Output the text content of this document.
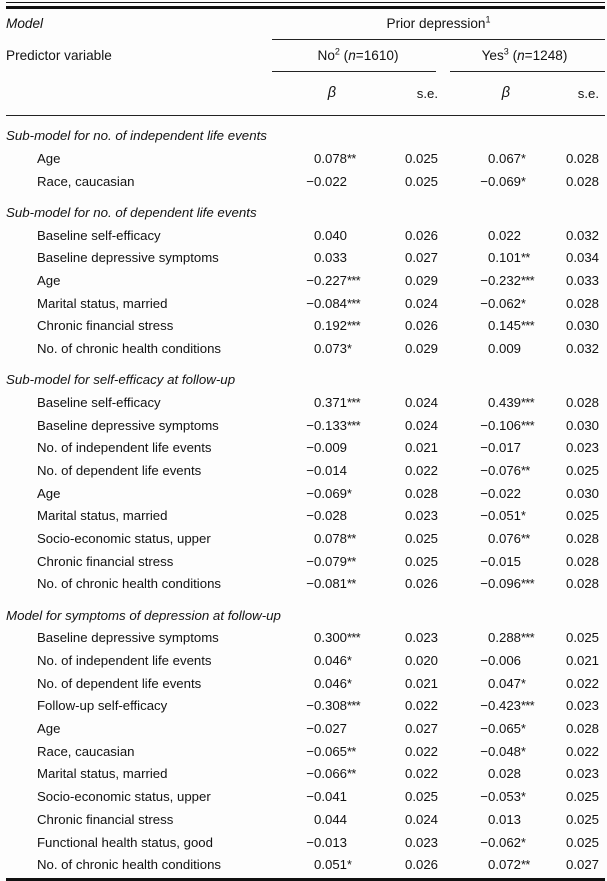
Model	Prior depression$^1$
Predictor variable	No$^2$ (n=1610)	Yes$^3$ (n=1248)
β	s.e.	β	s.e.
Sub-model for no. of independent life events
Age	0.078**	0.025	0.067*	0.028
Race, caucasian	−0.022	0.025	−0.069*	0.028
Sub-model for no. of dependent life events
Baseline self-efficacy	0.040	0.026	0.022	0.032
Baseline depressive symptoms	0.033	0.027	0.101**	0.034
Age	−0.227***	0.029	−0.232***	0.033
Marital status, married	−0.084***	0.024	−0.062*	0.028
Chronic financial stress	0.192***	0.026	0.145***	0.030
No. of chronic health conditions	0.073*	0.029	0.009	0.032
Sub-model for self-efficacy at follow-up
Baseline self-efficacy	0.371***	0.024	0.439***	0.028
Baseline depressive symptoms	−0.133***	0.024	−0.106***	0.030
No. of independent life events	−0.009	0.021	−0.017	0.023
No. of dependent life events	−0.014	0.022	−0.076**	0.025
Age	−0.069*	0.028	−0.022	0.030
Marital status, married	−0.028	0.023	−0.051*	0.025
Socio-economic status, upper	0.078**	0.025	0.076**	0.028
Chronic financial stress	−0.079**	0.025	−0.015	0.028
No. of chronic health conditions	−0.081**	0.026	−0.096***	0.028
Model for symptoms of depression at follow-up
Baseline depressive symptoms	0.300***	0.023	0.288***	0.025
No. of independent life events	0.046*	0.020	−0.006	0.021
No. of dependent life events	0.046*	0.021	0.047*	0.022
Follow-up self-efficacy	−0.308***	0.022	−0.423***	0.023
Age	−0.027	0.027	−0.065*	0.028
Race, caucasian	−0.065**	0.022	−0.048*	0.022
Marital status, married	−0.066**	0.022	0.028	0.023
Socio-economic status, upper	−0.041	0.025	−0.053*	0.025
Chronic financial stress	0.044	0.024	0.013	0.025
Functional health status, good	−0.013	0.023	−0.062*	0.025
No. of chronic health conditions	0.051*	0.026	0.072**	0.027
